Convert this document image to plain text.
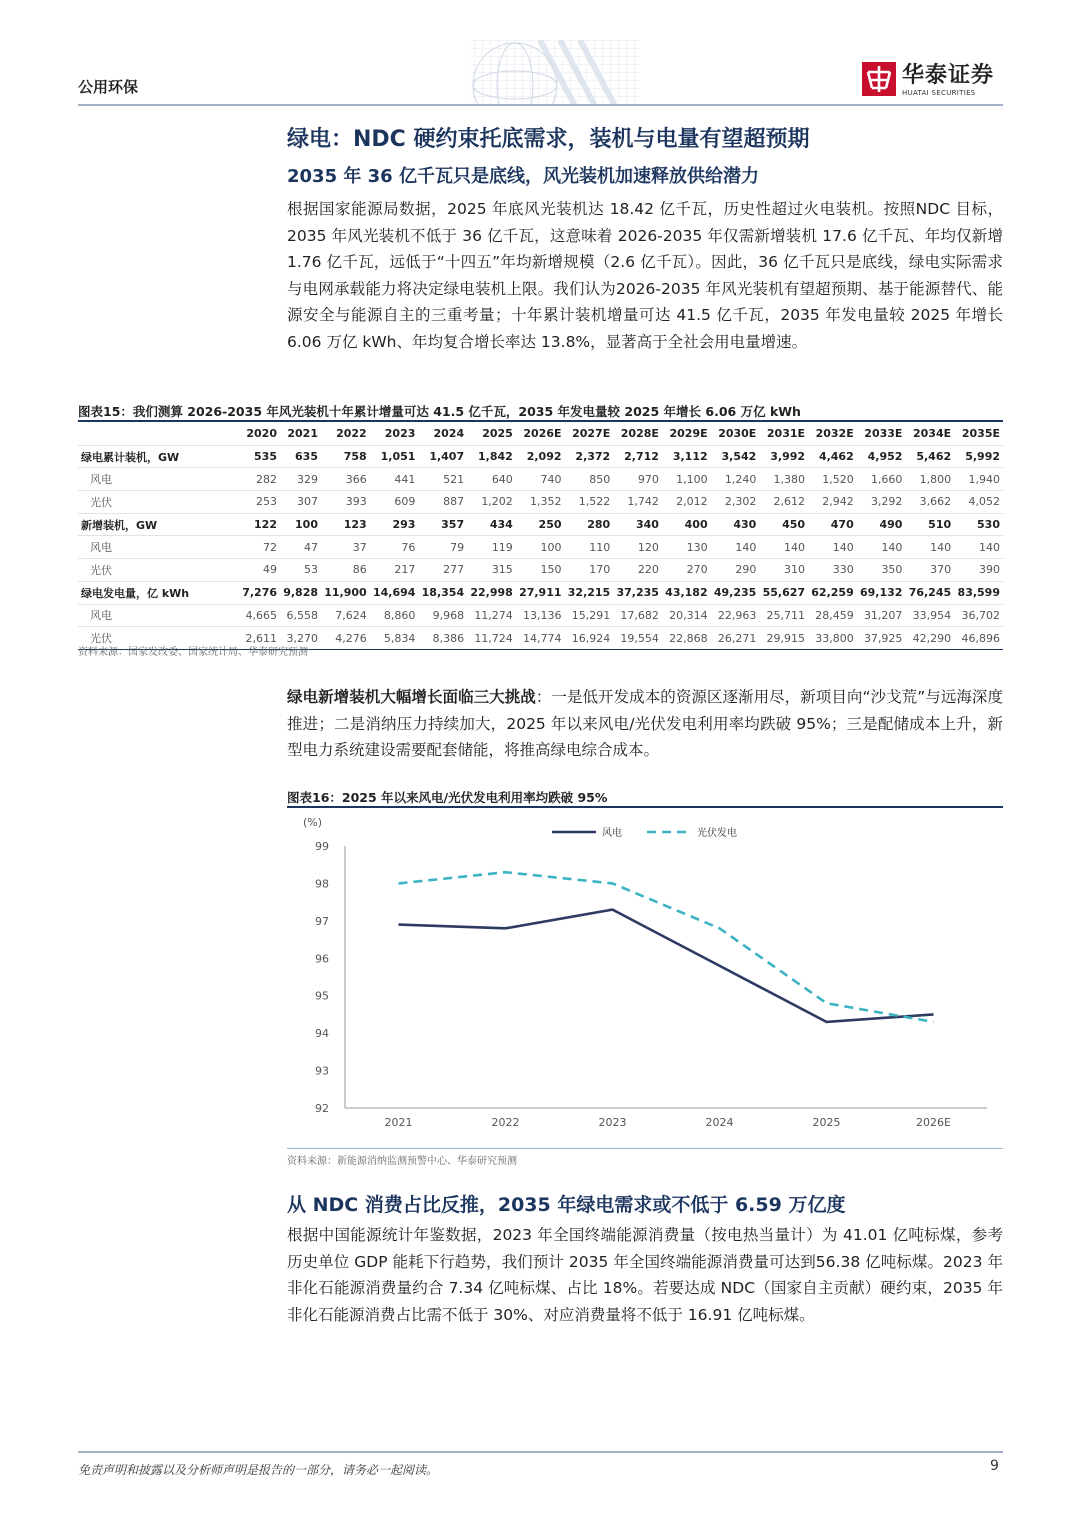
公用环保	华泰证券
HUATAI SECURITIES
绿电：NDC 硬约束托底需求，装机与电量有望超预期
2035 年 36 亿千瓦只是底线，风光装机加速释放供给潜力
根据国家能源局数据，2025 年底风光装机达 18.42 亿千瓦，历史性超过火电装机。按照NDC 目标，2035 年风光装机不低于 36 亿千瓦，这意味着 2026-2035 年仅需新增装机 17.6 亿千瓦、年均仅新增 1.76 亿千瓦，远低于“十四五”年均新增规模（2.6 亿千瓦）。因此，36 亿千瓦只是底线，绿电实际需求与电网承载能力将决定绿电装机上限。我们认为2026-2035 年风光装机有望超预期、基于能源替代、能源安全与能源自主的三重考量；十年累计装机增量可达 41.5 亿千瓦，2035 年发电量较 2025 年增长 6.06 万亿 kWh、年均复合增长率达 13.8%，显著高于全社会用电量增速。
图表15：我们测算 2026-2035 年风光装机十年累计增量可达 41.5 亿千瓦，2035 年发电量较 2025 年增长 6.06 万亿 kWh
	2020	2021	2022	2023	2024	2025	2026E	2027E	2028E	2029E	2030E	2031E	2032E	2033E	2034E	2035E
绿电累计装机，GW	535	635	758	1,051	1,407	1,842	2,092	2,372	2,712	3,112	3,542	3,992	4,462	4,952	5,462	5,992
风电	282	329	366	441	521	640	740	850	970	1,100	1,240	1,380	1,520	1,660	1,800	1,940
光伏	253	307	393	609	887	1,202	1,352	1,522	1,742	2,012	2,302	2,612	2,942	3,292	3,662	4,052
新增装机，GW	122	100	123	293	357	434	250	280	340	400	430	450	470	490	510	530
风电	72	47	37	76	79	119	100	110	120	130	140	140	140	140	140	140
光伏	49	53	86	217	277	315	150	170	220	270	290	310	330	350	370	390
绿电发电量，亿 kWh	7,276	9,828	11,900	14,694	18,354	22,998	27,911	32,215	37,235	43,182	49,235	55,627	62,259	69,132	76,245	83,599
风电	4,665	6,558	7,624	8,860	9,968	11,274	13,136	15,291	17,682	20,314	22,963	25,711	28,459	31,207	33,954	36,702
光伏	2,611	3,270	4,276	5,834	8,386	11,724	14,774	16,924	19,554	22,868	26,271	29,915	33,800	37,925	42,290	46,896
资料来源：国家发改委、国家统计局、华泰研究预测
绿电新增装机大幅增长面临三大挑战：一是低开发成本的资源区逐渐用尽，新项目向“沙戈荒”与远海深度推进；二是消纳压力持续加大，2025 年以来风电/光伏发电利用率均跌破 95%；三是配储成本上升，新型电力系统建设需要配套储能，将推高绿电综合成本。
图表16：2025 年以来风电/光伏发电利用率均跌破 95%
(%)
92
93
94
95
96
97
98
99
2021	2022	2023	2024	2025	2026E
风电	光伏发电
资料来源：新能源消纳监测预警中心、华泰研究预测
从 NDC 消费占比反推，2035 年绿电需求或不低于 6.59 万亿度
根据中国能源统计年鉴数据，2023 年全国终端能源消费量（按电热当量计）为 41.01 亿吨标煤，参考历史单位 GDP 能耗下行趋势，我们预计 2035 年全国终端能源消费量可达到56.38 亿吨标煤。2023 年非化石能源消费量约合 7.34 亿吨标煤、占比 18%。若要达成 NDC（国家自主贡献）硬约束，2035 年非化石能源消费占比需不低于 30%、对应消费量将不低于 16.91 亿吨标煤。
免责声明和披露以及分析师声明是报告的一部分，请务必一起阅读。	9
